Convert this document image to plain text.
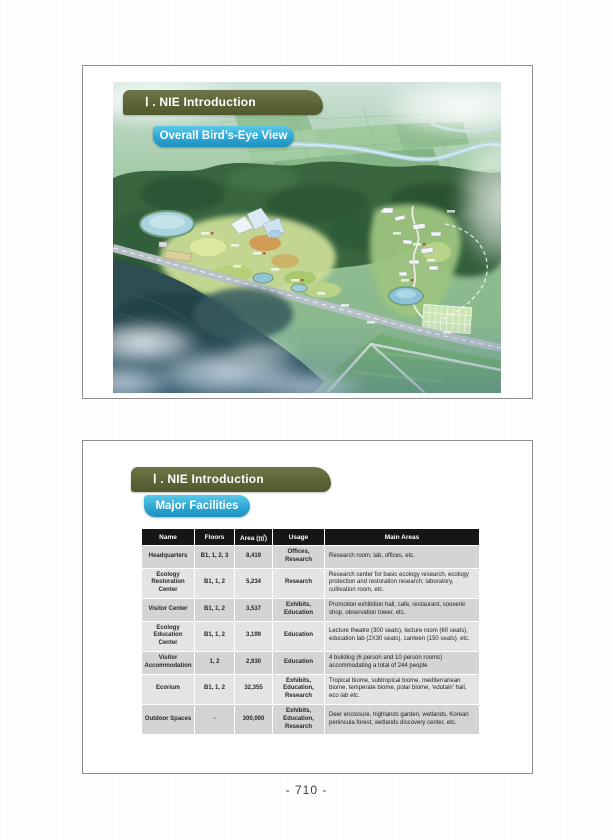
Ⅰ . NIE Introduction
Overall Bird’s-Eye View
Ⅰ . NIE Introduction
Major Facilities
Name	Floors	Area (㎡)	Usage	Main Areas
Headquarters	B1, 1, 2, 3	8,419	Offices, Research	Research room, lab, offices, etc.
Ecology Restoration Center	B1, 1, 2	5,234	Research	Research center for basic ecology research, ecology protection and restoration research; laboratory, cultivation room, etc.
Visitor Center	B1, 1, 2	3,537	Exhibits, Education	Promotion exhibition hall, cafe, restaurant, souvenir shop, observation tower, etc.
Ecology Education Center	B1, 1, 2	3,199	Education	Lecture theatre (300 seats), lecture room (60 seats), education lab (2X30 seats), canteen (150 seats), etc.
Visitor Accommodation	1, 2	2,930	Education	4 building (6 person and 10 person rooms) accommodating a total of 244 people
Ecorium	B1, 1, 2	32,355	Exhibits, Education, Research	Tropical biome, subtropical biome, mediterranean biome, temperate biome, polar biome, ‘edutain’ hall, eco lab etc.
Outdoor Spaces	-	300,000	Exhibits, Education, Research	Deer enclosure, highlands garden, wetlands, Korean peninsula forest, wetlands discovery center, etc.
- 710 -
